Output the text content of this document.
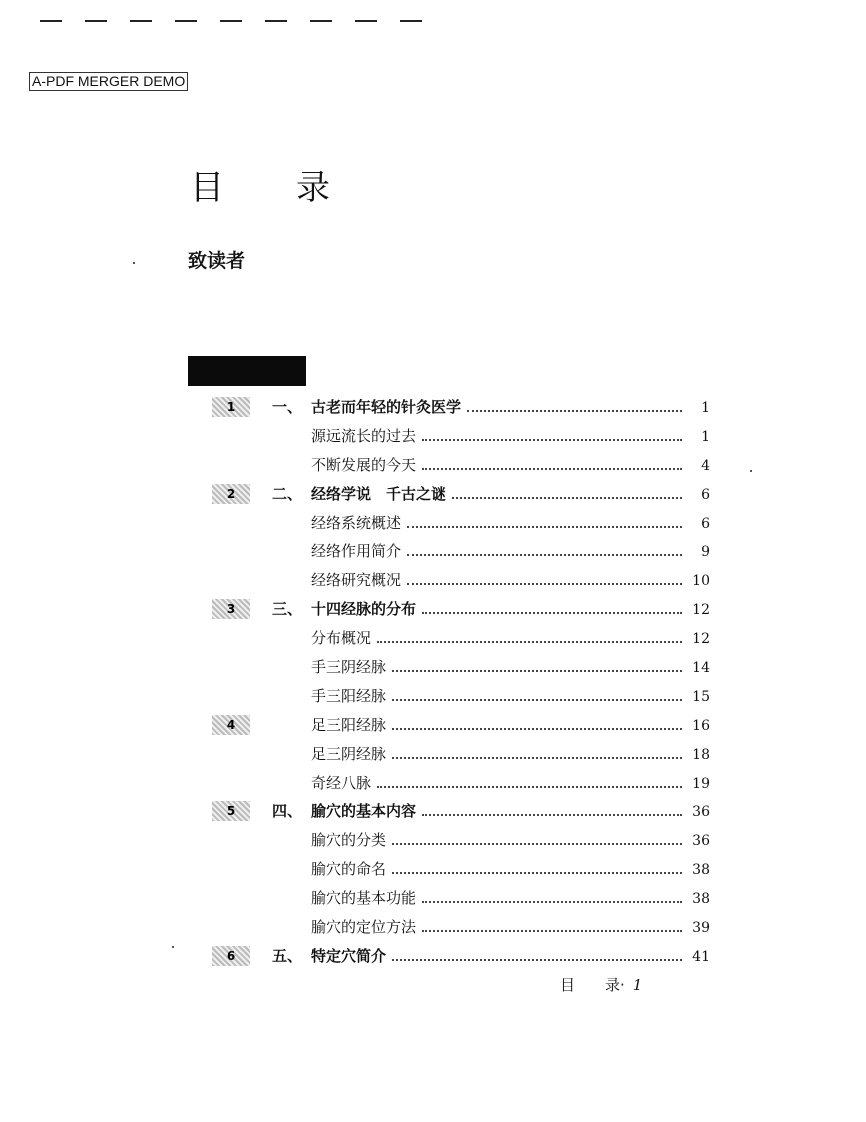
A-PDF MERGER DEMO
目录
致读者
1	一、 古老而年轻的针灸医学	1
源远流长的过去	1
不断发展的今天	4
2	二、 经络学说　千古之谜	6
经络系统概述	6
经络作用简介	9
经络研究概况	10
3	三、 十四经脉的分布	12
分布概况	12
手三阴经脉	14
手三阳经脉	15
4	足三阳经脉	16
足三阴经脉	18
奇经八脉	19
5	四、 腧穴的基本内容	36
腧穴的分类	36
腧穴的命名	38
腧穴的基本功能	38
腧穴的定位方法	39
6	五、 特定穴简介	41
目 录· 1
